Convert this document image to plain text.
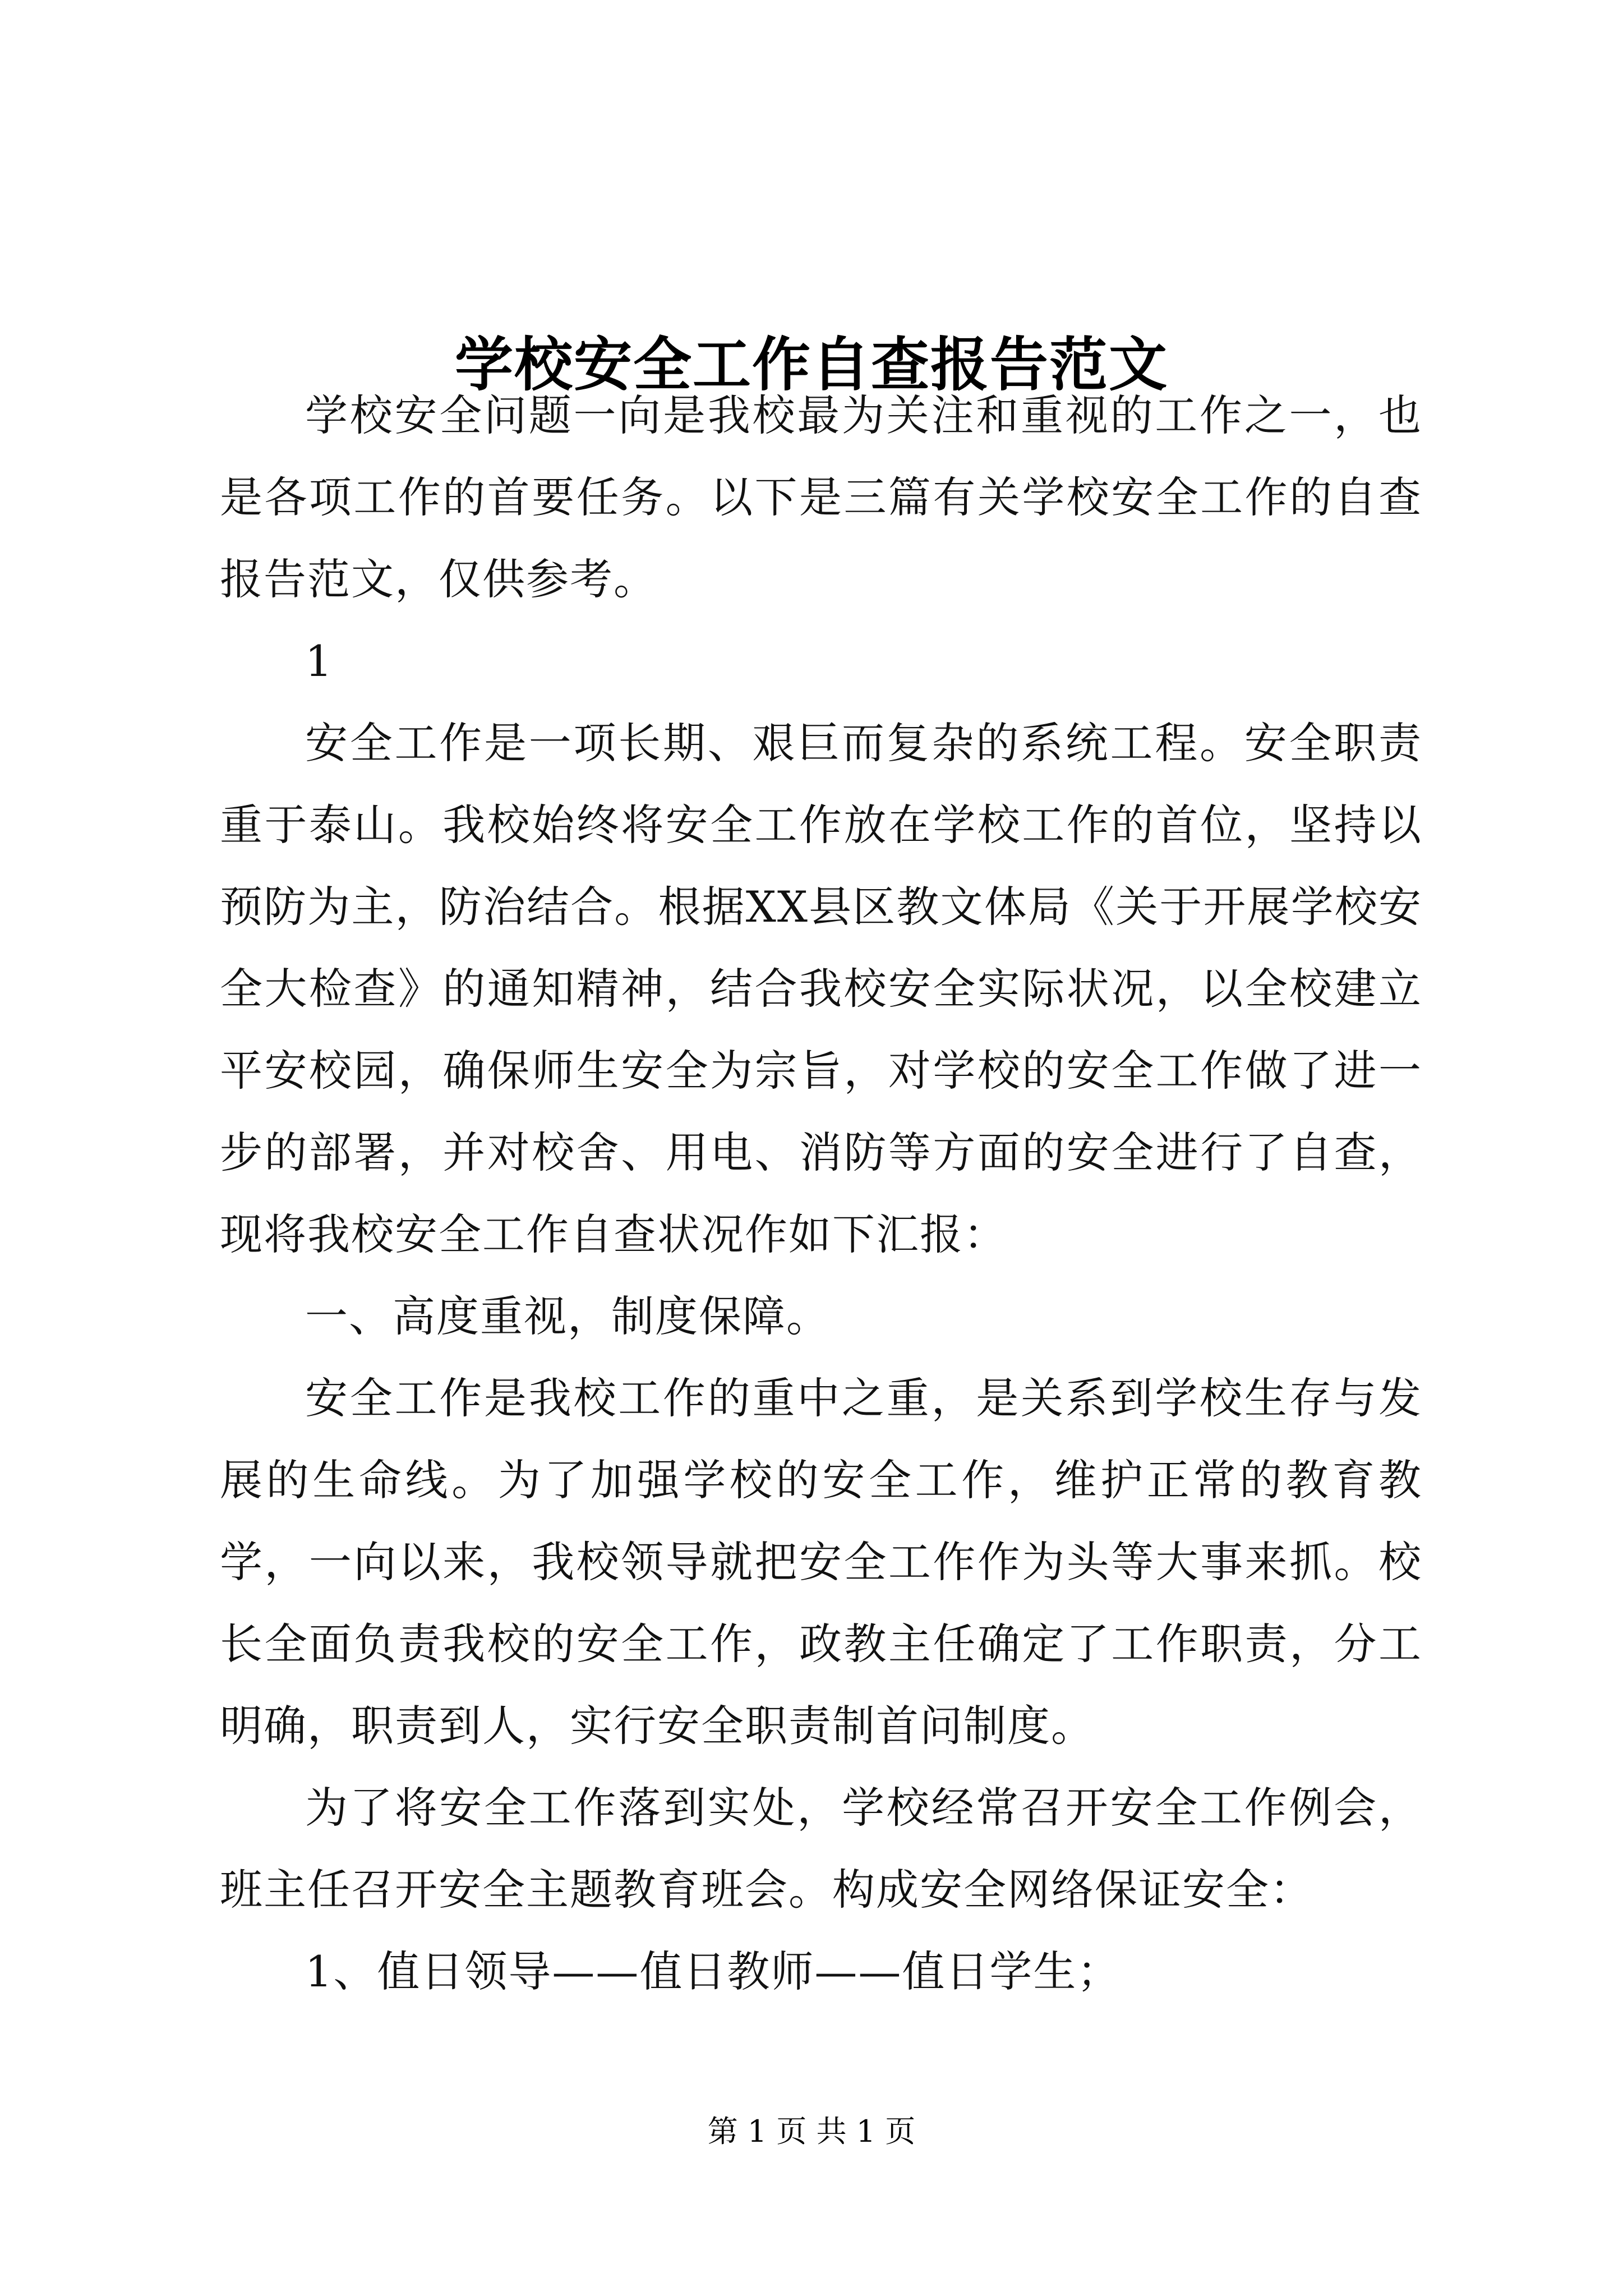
学校安全工作自查报告范文

学校安全问题一向是我校最为关注和重视的工作之一，也是各项工作的首要任务。以下是三篇有关学校安全工作的自查报告范文，仅供参考。

1

安全工作是一项长期、艰巨而复杂的系统工程。安全职责重于泰山。我校始终将安全工作放在学校工作的首位，坚持以预防为主，防治结合。根据XX县区教文体局《关于开展学校安全大检查》的通知精神，结合我校安全实际状况，以全校建立平安校园，确保师生安全为宗旨，对学校的安全工作做了进一步的部署，并对校舍、用电、消防等方面的安全进行了自查，现将我校安全工作自查状况作如下汇报：

一、高度重视，制度保障。

安全工作是我校工作的重中之重，是关系到学校生存与发展的生命线。为了加强学校的安全工作，维护正常的教育教学，一向以来，我校领导就把安全工作作为头等大事来抓。校长全面负责我校的安全工作，政教主任确定了工作职责，分工明确，职责到人，实行安全职责制首问制度。

为了将安全工作落到实处，学校经常召开安全工作例会，班主任召开安全主题教育班会。构成安全网络保证安全：

1、值日领导——值日教师——值日学生；

第 1 页 共 1 页
